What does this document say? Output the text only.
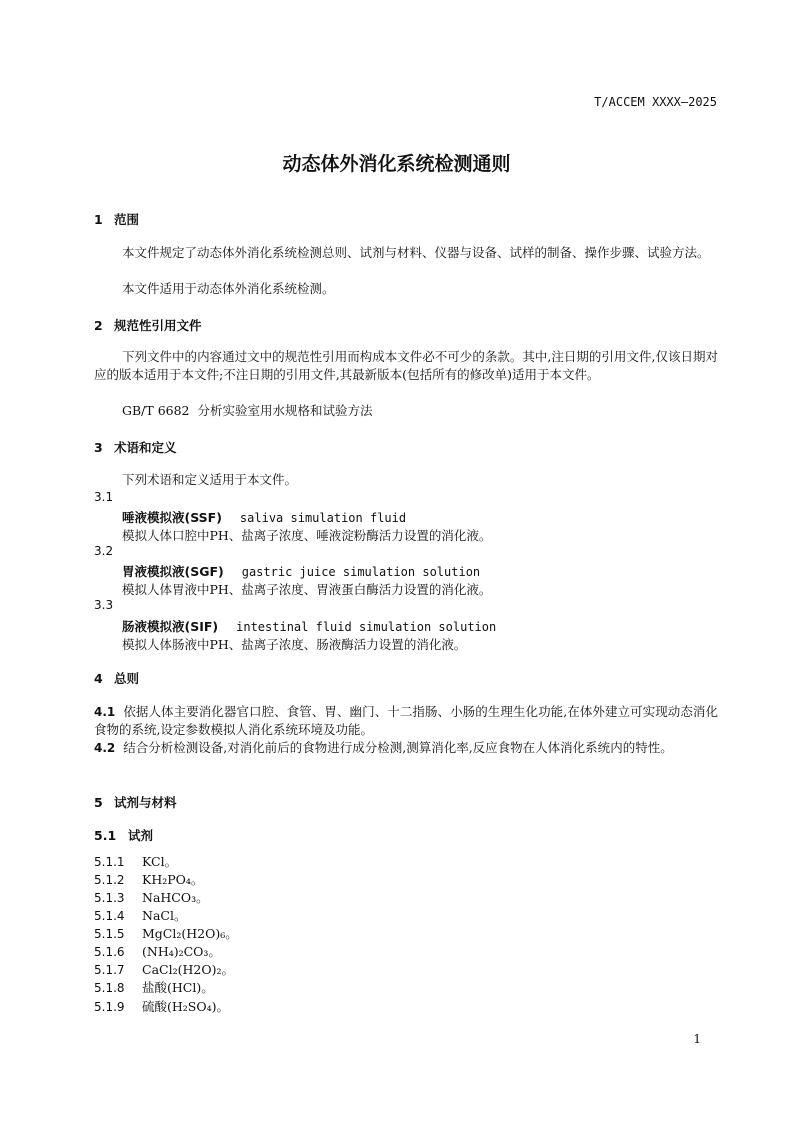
T/ACCEM XXXX—2025
动态体外消化系统检测通则
1 范围
本文件规定了动态体外消化系统检测总则、试剂与材料、仪器与设备、试样的制备、操作步骤、试验方法。
本文件适用于动态体外消化系统检测。
2 规范性引用文件
下列文件中的内容通过文中的规范性引用而构成本文件必不可少的条款。其中,注日期的引用文件,仅该日期对应的版本适用于本文件;不注日期的引用文件,其最新版本(包括所有的修改单)适用于本文件。
GB/T 6682  分析实验室用水规格和试验方法
3 术语和定义
下列术语和定义适用于本文件。
3.1
唾液模拟液(SSF) saliva simulation fluid
模拟人体口腔中PH、盐离子浓度、唾液淀粉酶活力设置的消化液。
3.2
胃液模拟液(SGF) gastric juice simulation solution
模拟人体胃液中PH、盐离子浓度、胃液蛋白酶活力设置的消化液。
3.3
肠液模拟液(SIF) intestinal fluid simulation solution
模拟人体肠液中PH、盐离子浓度、肠液酶活力设置的消化液。
4 总则
4.1 依据人体主要消化器官口腔、食管、胃、幽门、十二指肠、小肠的生理生化功能,在体外建立可实现动态消化食物的系统,设定参数模拟人消化系统环境及功能。
4.2 结合分析检测设备,对消化前后的食物进行成分检测,测算消化率,反应食物在人体消化系统内的特性。
5 试剂与材料
5.1 试剂
5.1.1 KCl。
5.1.2 KH₂PO₄。
5.1.3 NaHCO₃。
5.1.4 NaCl。
5.1.5 MgCl₂(H2O)₆。
5.1.6 (NH₄)₂CO₃。
5.1.7 CaCl₂(H2O)₂。
5.1.8 盐酸(HCl)。
5.1.9 硫酸(H₂SO₄)。
1
